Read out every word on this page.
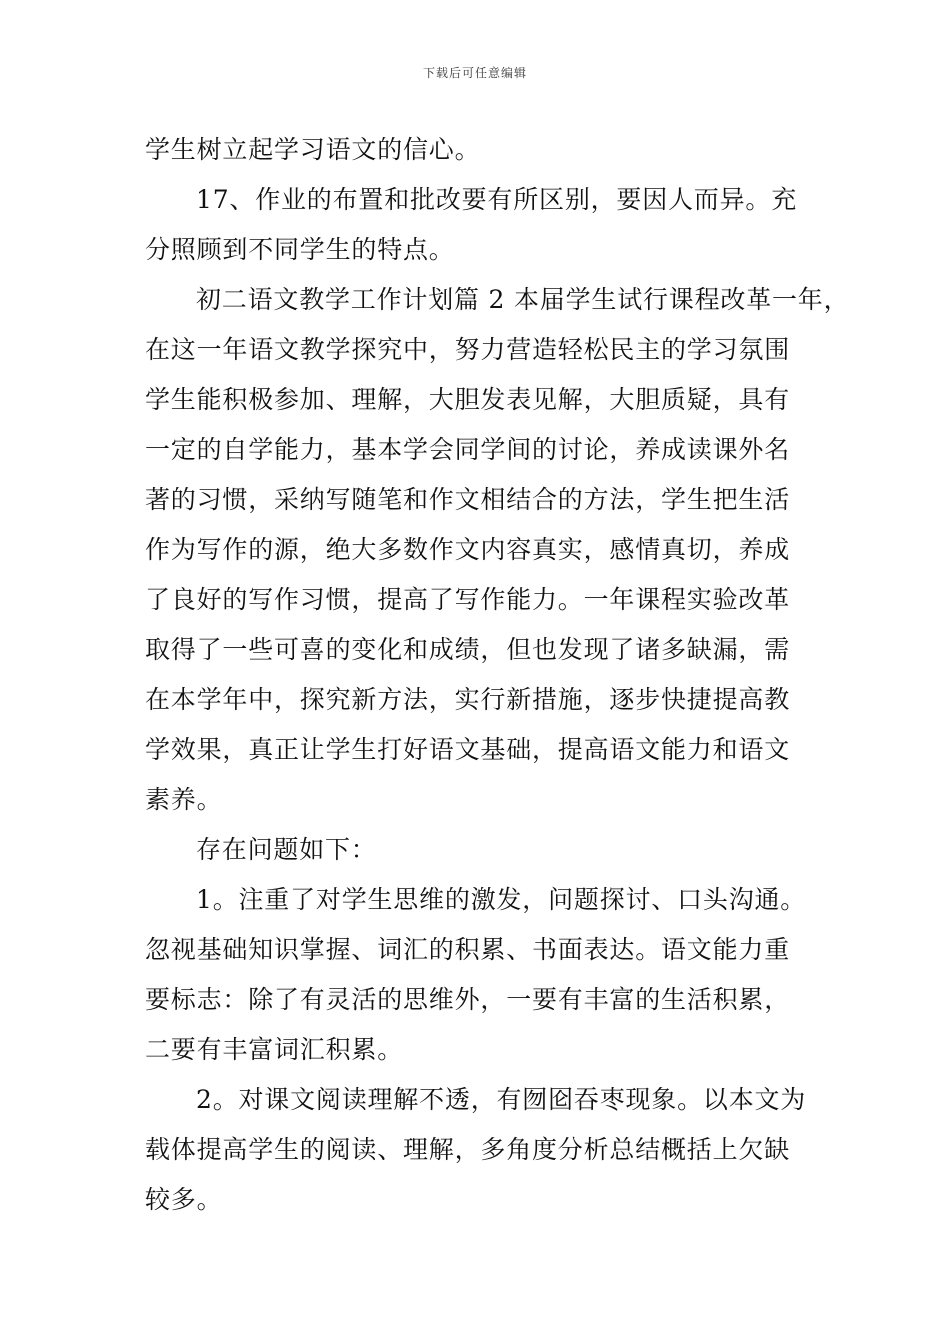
下载后可任意编辑
学生树立起学习语文的信心。
17、作业的布置和批改要有所区别，要因人而异。充
分照顾到不同学生的特点。
初二语文教学工作计划篇 2 本届学生试行课程改革一年，
在这一年语文教学探究中，努力营造轻松民主的学习氛围
学生能积极参加、理解，大胆发表见解，大胆质疑，具有
一定的自学能力，基本学会同学间的讨论，养成读课外名
著的习惯，采纳写随笔和作文相结合的方法，学生把生活
作为写作的源，绝大多数作文内容真实，感情真切，养成
了良好的写作习惯，提高了写作能力。一年课程实验改革
取得了一些可喜的变化和成绩，但也发现了诸多缺漏，需
在本学年中，探究新方法，实行新措施，逐步快捷提高教
学效果，真正让学生打好语文基础，提高语文能力和语文
素养。
存在问题如下：
1。注重了对学生思维的激发，问题探讨、口头沟通。
忽视基础知识掌握、词汇的积累、书面表达。语文能力重
要标志：除了有灵活的思维外，一要有丰富的生活积累，
二要有丰富词汇积累。
2。对课文阅读理解不透，有囫囵吞枣现象。以本文为
载体提高学生的阅读、理解，多角度分析总结概括上欠缺
较多。
